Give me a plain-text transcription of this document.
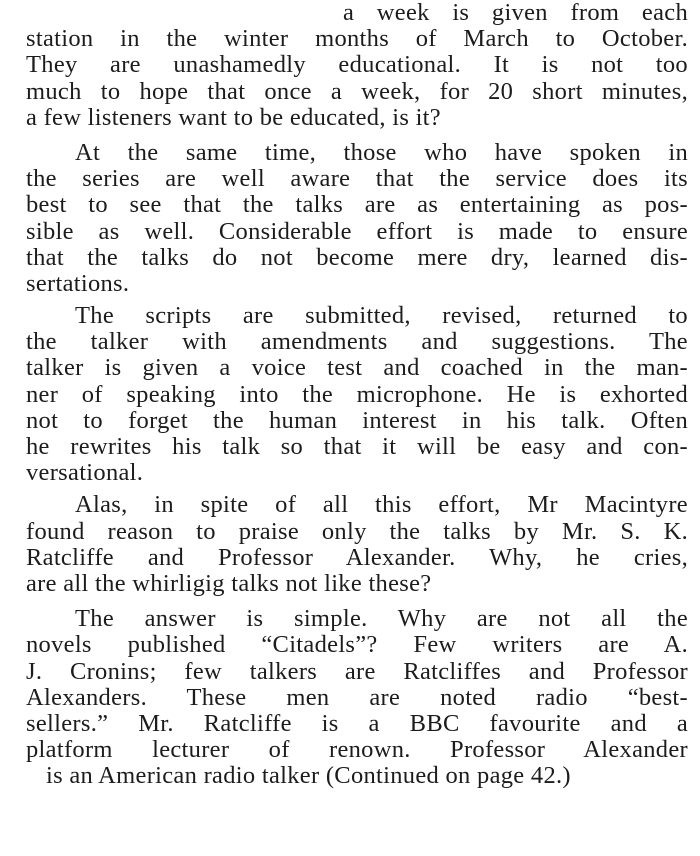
a week is given from each
station in the winter months of March to October.
They are unashamedly educational. It is not too
much to hope that once a week, for 20 short minutes,
a few listeners want to be educated, is it?
At the same time, those who have spoken in
the series are well aware that the service does its
best to see that the talks are as entertaining as pos-
sible as well. Considerable effort is made to ensure
that the talks do not become mere dry, learned dis-
sertations.
The scripts are submitted, revised, returned to
the talker with amendments and suggestions. The
talker is given a voice test and coached in the man-
ner of speaking into the microphone. He is exhorted
not to forget the human interest in his talk. Often
he rewrites his talk so that it will be easy and con-
versational.
Alas, in spite of all this effort, Mr Macintyre
found reason to praise only the talks by Mr. S. K.
Ratcliffe and Professor Alexander. Why, he cries,
are all the whirligig talks not like these?
The answer is simple. Why are not all the
novels published “Citadels”? Few writers are A.
J. Cronins; few talkers are Ratcliffes and Professor
Alexanders. These men are noted radio “best-
sellers.” Mr. Ratcliffe is a BBC favourite and a
platform lecturer of renown. Professor Alexander
is an American radio talker (Continued on page 42.)
